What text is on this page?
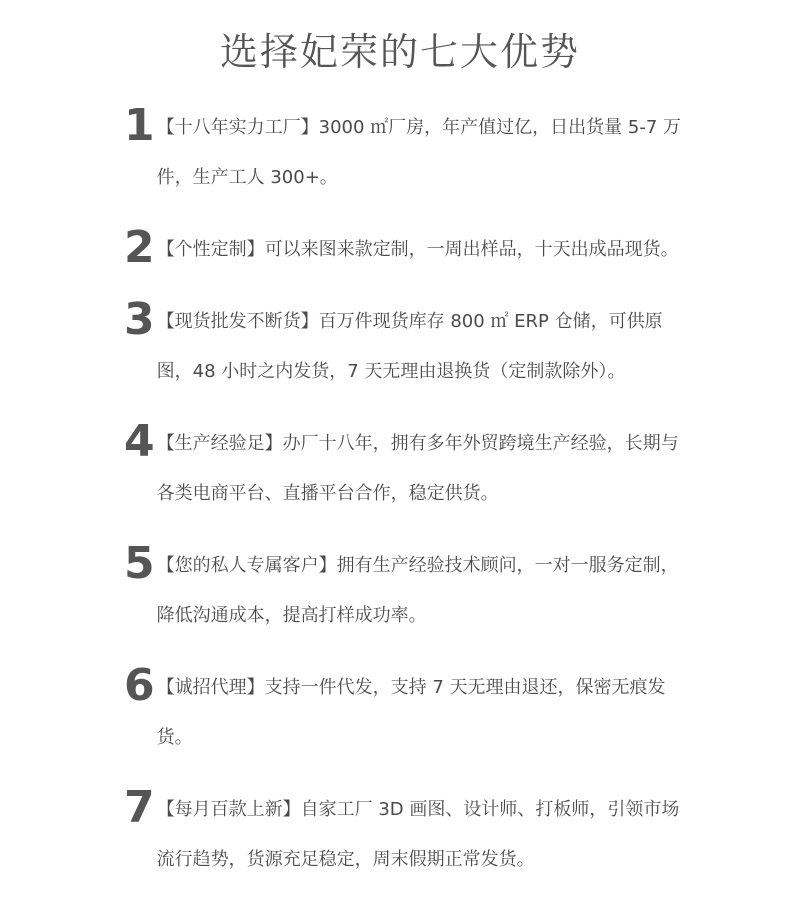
选择妃荣的七大优势
1 【十八年实力工厂】3000 ㎡厂房，年产值过亿，日出货量 5-7 万件，生产工人 300+。
2 【个性定制】可以来图来款定制，一周出样品，十天出成品现货。
3 【现货批发不断货】百万件现货库存 800 ㎡ ERP 仓储，可供原图，48 小时之内发货，7 天无理由退换货（定制款除外）。
4 【生产经验足】办厂十八年，拥有多年外贸跨境生产经验，长期与各类电商平台、直播平台合作，稳定供货。
5 【您的私人专属客户】拥有生产经验技术顾问，一对一服务定制，降低沟通成本，提高打样成功率。
6 【诚招代理】支持一件代发，支持 7 天无理由退还，保密无痕发货。
7 【每月百款上新】自家工厂 3D 画图、设计师、打板师，引领市场流行趋势，货源充足稳定，周末假期正常发货。
